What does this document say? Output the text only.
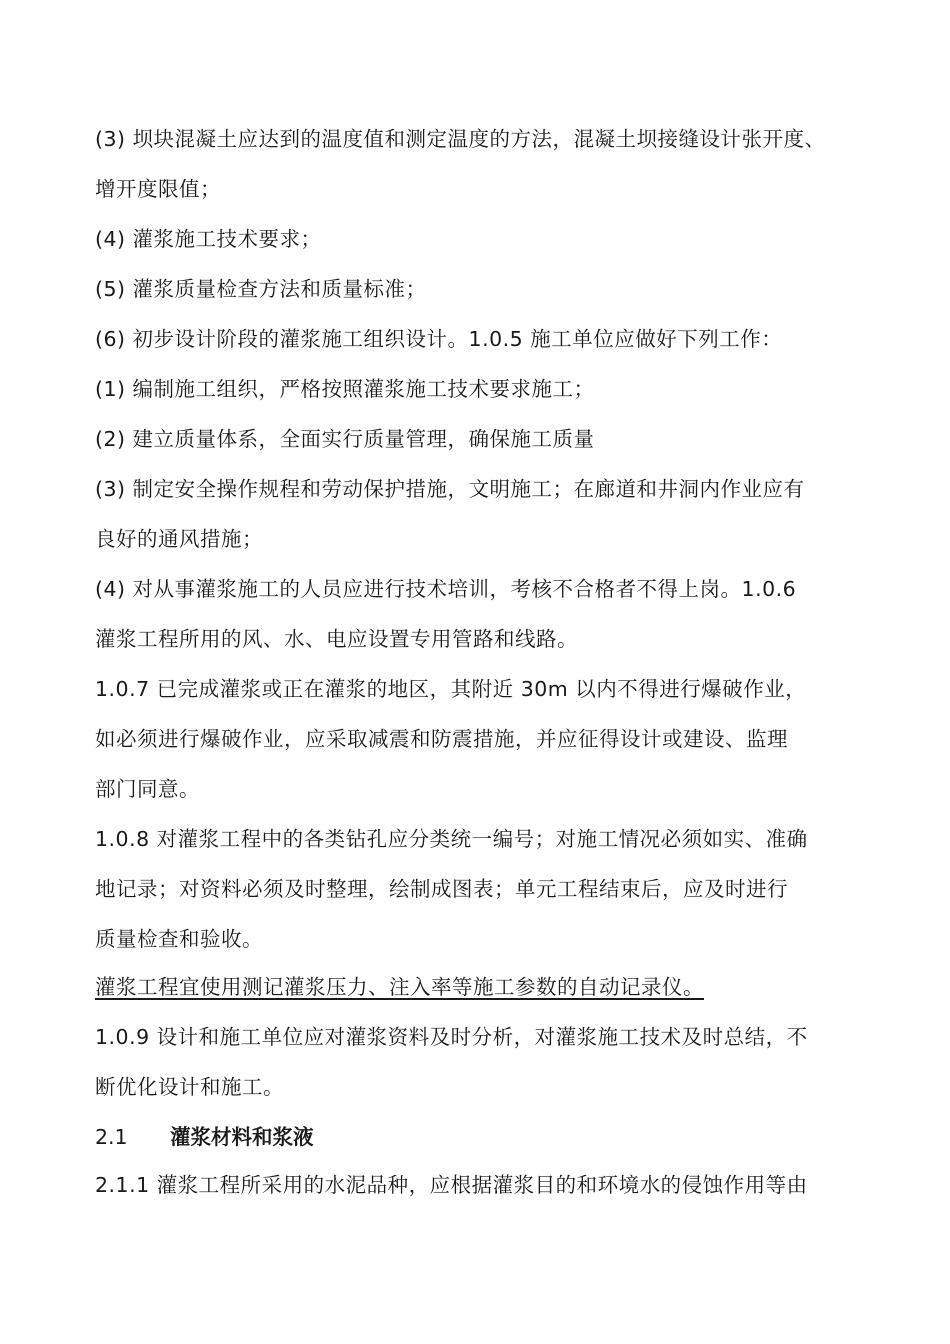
(3) 坝块混凝土应达到的温度值和测定温度的方法，混凝土坝接缝设计张开度、
增开度限值；
(4) 灌浆施工技术要求；
(5) 灌浆质量检查方法和质量标准；
(6) 初步设计阶段的灌浆施工组织设计。1.0.5 施工单位应做好下列工作：
(1) 编制施工组织，严格按照灌浆施工技术要求施工；
(2) 建立质量体系，全面实行质量管理，确保施工质量
(3) 制定安全操作规程和劳动保护措施，文明施工；在廊道和井洞内作业应有
良好的通风措施；
(4) 对从事灌浆施工的人员应进行技术培训，考核不合格者不得上岗。1.0.6
灌浆工程所用的风、水、电应设置专用管路和线路。
1.0.7 已完成灌浆或正在灌浆的地区，其附近 30m 以内不得进行爆破作业，
如必须进行爆破作业，应采取减震和防震措施，并应征得设计或建设、监理
部门同意。
1.0.8 对灌浆工程中的各类钻孔应分类统一编号；对施工情况必须如实、准确
地记录；对资料必须及时整理，绘制成图表；单元工程结束后，应及时进行
质量检查和验收。
灌浆工程宜使用测记灌浆压力、注入率等施工参数的自动记录仪。
1.0.9 设计和施工单位应对灌浆资料及时分析，对灌浆施工技术及时总结，不
断优化设计和施工。
2.1 灌浆材料和浆液
2.1.1 灌浆工程所采用的水泥品种，应根据灌浆目的和环境水的侵蚀作用等由
